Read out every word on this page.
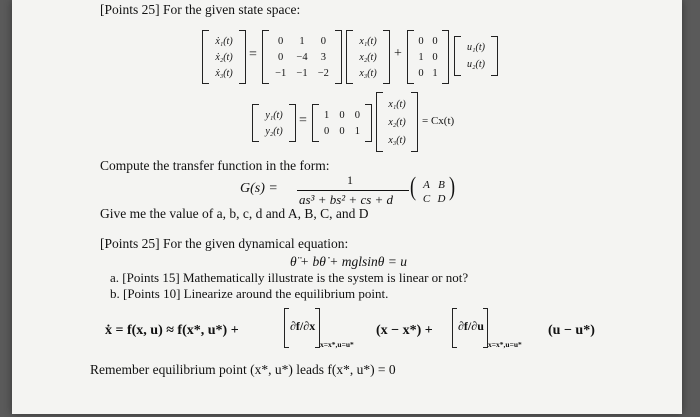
[Points 25] For the given state space:
ẋ₁(t)
ẋ₂(t)
ẋ₃(t)
=
0	1	0
0	−4	3
−1 −1 −2
x₁(t)
x₂(t)
x₃(t)
+
0 0
1 0
0 1
u₁(t)
u₂(t)
y₁(t)
y₂(t)
=	1 0 0
0 0 1
x₁(t)
x₂(t)
x₃(t)
= Cx(t)
Compute the transfer function in the form:
G(s) =
1
as³ + bs² + cs + d ( A B
C D )
Give me the value of a, b, c, d and A, B, C, and D
[Points 25] For the given dynamical equation:
θ̈ + bθ̇ + mglsinθ = u
a. [Points 15] Mathematically illustrate is the system is linear or not?
b. [Points 10] Linearize around the equilibrium point.
ẋ = f(x, u) ≈ f(x*, u*) +	∂f/∂x
x=x*,u=u*
(x − x*) + ∂f/∂u
x=x*,u=u*
(u − u*)
Remember equilibrium point (x*, u*) leads f(x*, u*) = 0
